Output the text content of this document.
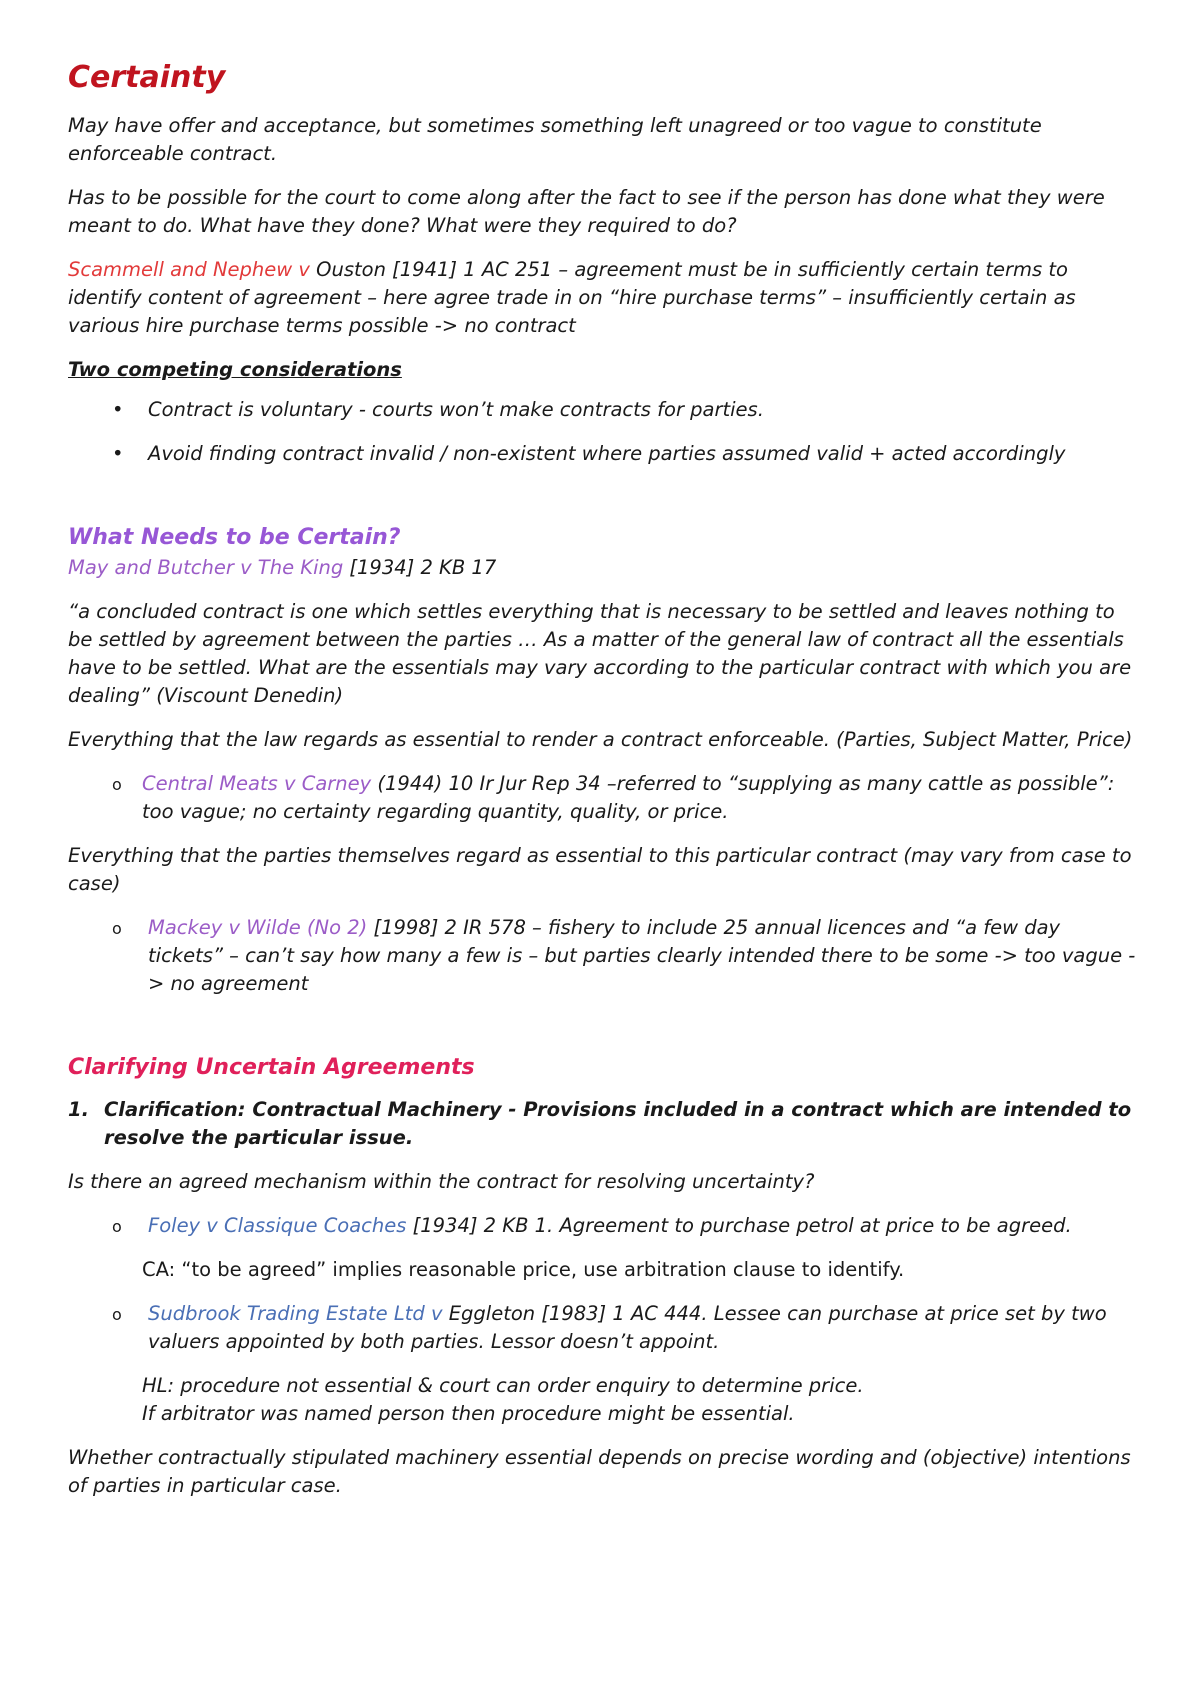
Certainty

May have offer and acceptance, but sometimes something left unagreed or too vague to constitute enforceable contract.

Has to be possible for the court to come along after the fact to see if the person has done what they were meant to do. What have they done? What were they required to do?

Scammell and Nephew v Ouston [1941] 1 AC 251 – agreement must be in sufficiently certain terms to identify content of agreement – here agree trade in on “hire purchase terms” – insufficiently certain as various hire purchase terms possible -> no contract

Two competing considerations

• Contract is voluntary - courts won’t make contracts for parties.
• Avoid finding contract invalid / non-existent where parties assumed valid + acted accordingly
What Needs to be Certain?

May and Butcher v The King [1934] 2 KB 17

“a concluded contract is one which settles everything that is necessary to be settled and leaves nothing to be settled by agreement between the parties … As a matter of the general law of contract all the essentials have to be settled. What are the essentials may vary according to the particular contract with which you are dealing” (Viscount Denedin)

Everything that the law regards as essential to render a contract enforceable. (Parties, Subject Matter, Price)

o Central Meats v Carney (1944) 10 Ir Jur Rep 34 –referred to “supplying as many cattle as possible”: too vague; no certainty regarding quantity, quality, or price.

Everything that the parties themselves regard as essential to this particular contract (may vary from case to case)

o Mackey v Wilde (No 2) [1998] 2 IR 578 – fishery to include 25 annual licences and “a few day tickets” – can’t say how many a few is – but parties clearly intended there to be some -> too vague -> no agreement
Clarifying Uncertain Agreements
1. Clarification: Contractual Machinery - Provisions included in a contract which are intended to resolve the particular issue.

Is there an agreed mechanism within the contract for resolving uncertainty?

o Foley v Classique Coaches [1934] 2 KB 1. Agreement to purchase petrol at price to be agreed.
CA: “to be agreed” implies reasonable price, use arbitration clause to identify.
o Sudbrook Trading Estate Ltd v Eggleton [1983] 1 AC 444. Lessee can purchase at price set by two valuers appointed by both parties. Lessor doesn’t appoint.
HL: procedure not essential & court can order enquiry to determine price.
If arbitrator was named person then procedure might be essential.

Whether contractually stipulated machinery essential depends on precise wording and (objective) intentions of parties in particular case.
